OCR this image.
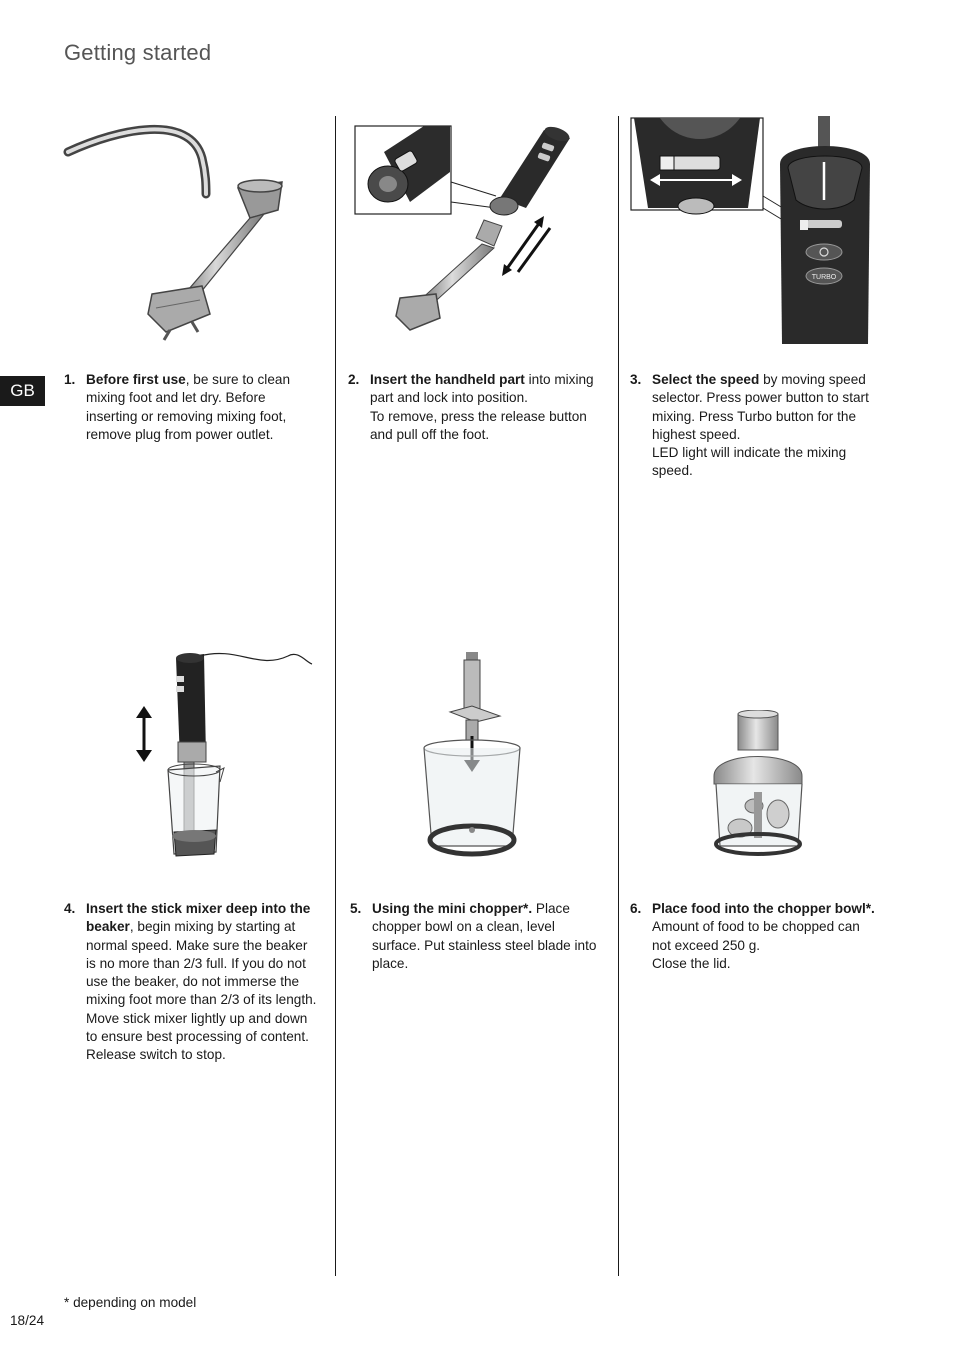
Getting started
GB
TURBO
1. Before first use, be sure to clean mixing foot and let dry. Before inserting or removing mixing foot, remove plug from power outlet.
2. Insert the handheld part into mixing part and lock into position.
To remove, press the release button and pull off the foot.
3. Select the speed by moving speed selector. Press power button to start mixing. Press Turbo button for the highest speed.
LED light will indicate the mixing speed.
4. Insert the stick mixer deep into the beaker, begin mixing by starting at normal speed. Make sure the beaker is no more than 2/3 full. If you do not use the beaker, do not immerse the mixing foot more than 2/3 of its length. Move stick mixer lightly up and down to ensure best processing of content. Release switch to stop.
5. Using the mini chopper*. Place chopper bowl on a clean, level surface. Put stainless steel blade into place.
6. Place food into the chopper bowl*.
Amount of food to be chopped can not exceed 250 g.
Close the lid.
* depending on model
18/24
